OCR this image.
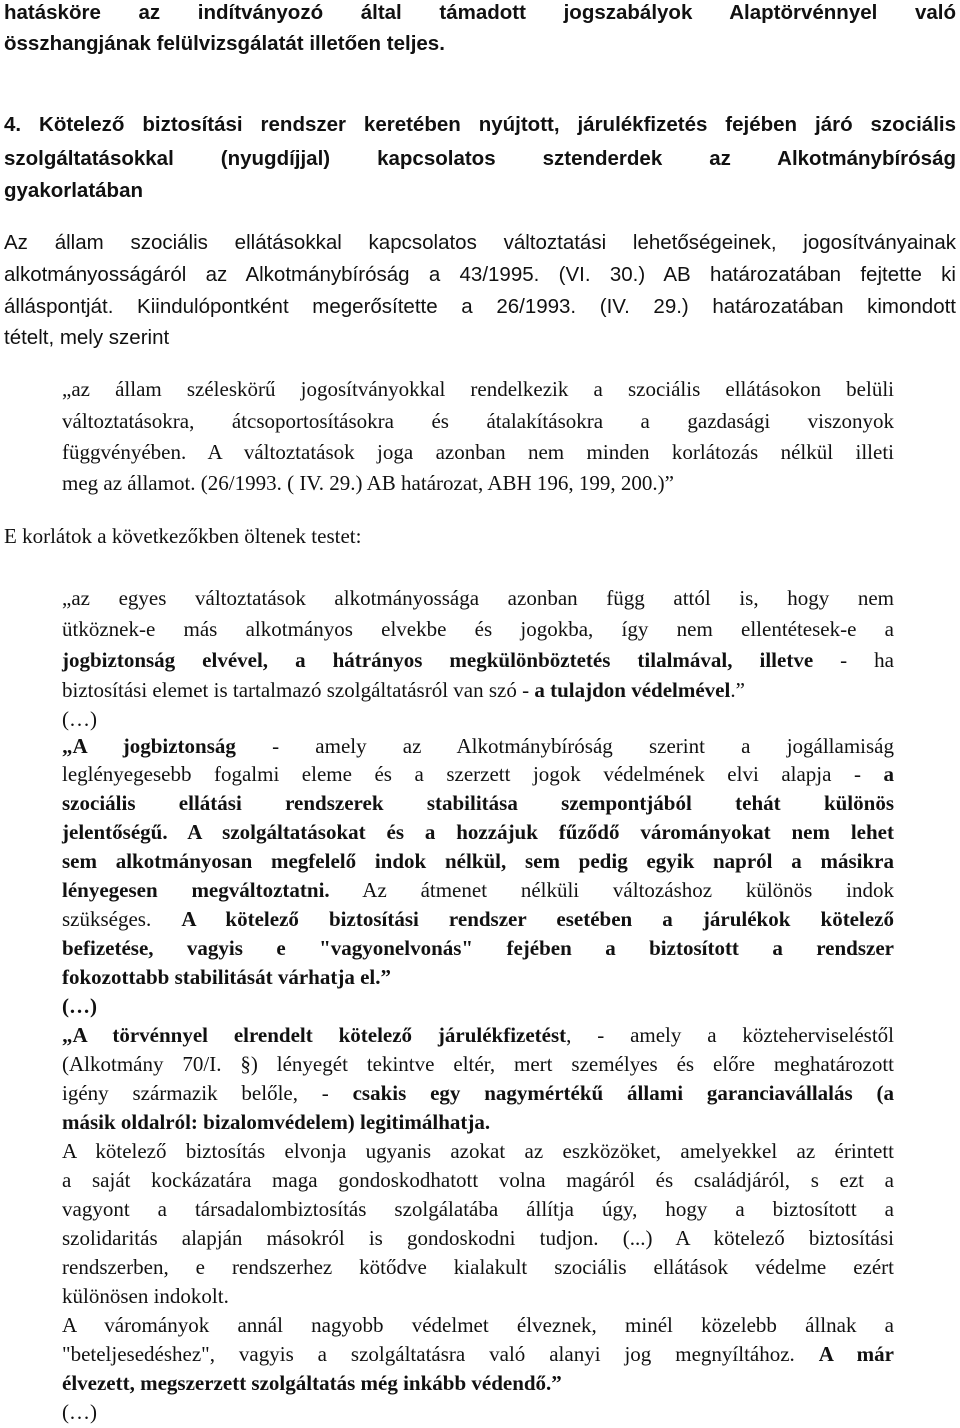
hatásköre az indítványozó által támadott jogszabályok Alaptörvénnyel való
összhangjának felülvizsgálatát illetően teljes.
4. Kötelező biztosítási rendszer keretében nyújtott, járulékfizetés fejében járó szociális
szolgáltatásokkal (nyugdíjjal) kapcsolatos sztenderdek az Alkotmánybíróság
gyakorlatában
Az állam szociális ellátásokkal kapcsolatos változtatási lehetőségeinek, jogosítványainak
alkotmányosságáról az Alkotmánybíróság a 43/1995. (VI. 30.) AB határozatában fejtette ki
álláspontját. Kiindulópontként megerősítette a 26/1993. (IV. 29.) határozatában kimondott
tételt, mely szerint
„az állam széleskörű jogosítványokkal rendelkezik a szociális ellátásokon belüli
változtatásokra, átcsoportosításokra és átalakításokra a gazdasági viszonyok
függvényében. A változtatások joga azonban nem minden korlátozás nélkül illeti
meg az államot. (26/1993. ( IV. 29.) AB határozat, ABH 196, 199, 200.)”
E korlátok a következőkben öltenek testet:
„az egyes változtatások alkotmányossága azonban függ attól is, hogy nem
ütköznek-e más alkotmányos elvekbe és jogokba, így nem ellentétesek-e a
jogbiztonság elvével, a hátrányos megkülönböztetés tilalmával, illetve - ha
biztosítási elemet is tartalmazó szolgáltatásról van szó - a tulajdon védelmével.”
(…)
„A jogbiztonság - amely az Alkotmánybíróság szerint a jogállamiság
leglényegesebb fogalmi eleme és a szerzett jogok védelmének elvi alapja - a
szociális ellátási rendszerek stabilitása szempontjából tehát különös
jelentőségű. A szolgáltatásokat és a hozzájuk fűződő várományokat nem lehet
sem alkotmányosan megfelelő indok nélkül, sem pedig egyik napról a másikra
lényegesen megváltoztatni. Az átmenet nélküli változáshoz különös indok
szükséges. A kötelező biztosítási rendszer esetében a járulékok kötelező
befizetése, vagyis e "vagyonelvonás" fejében a biztosított a rendszer
fokozottabb stabilitását várhatja el.”
(…)
„A törvénnyel elrendelt kötelező járulékfizetést, - amely a közteherviseléstől
(Alkotmány 70/I. §) lényegét tekintve eltér, mert személyes és előre meghatározott
igény származik belőle, - csakis egy nagymértékű állami garanciavállalás (a
másik oldalról: bizalomvédelem) legitimálhatja.
A kötelező biztosítás elvonja ugyanis azokat az eszközöket, amelyekkel az érintett
a saját kockázatára maga gondoskodhatott volna magáról és családjáról, s ezt a
vagyont a társadalombiztosítás szolgálatába állítja úgy, hogy a biztosított a
szolidaritás alapján másokról is gondoskodni tudjon. (...) A kötelező biztosítási
rendszerben, e rendszerhez kötődve kialakult szociális ellátások védelme ezért
különösen indokolt.
A várományok annál nagyobb védelmet élveznek, minél közelebb állnak a
"beteljesedéshez", vagyis a szolgáltatásra való alanyi jog megnyíltához. A már
élvezett, megszerzett szolgáltatás még inkább védendő.”
(…)
